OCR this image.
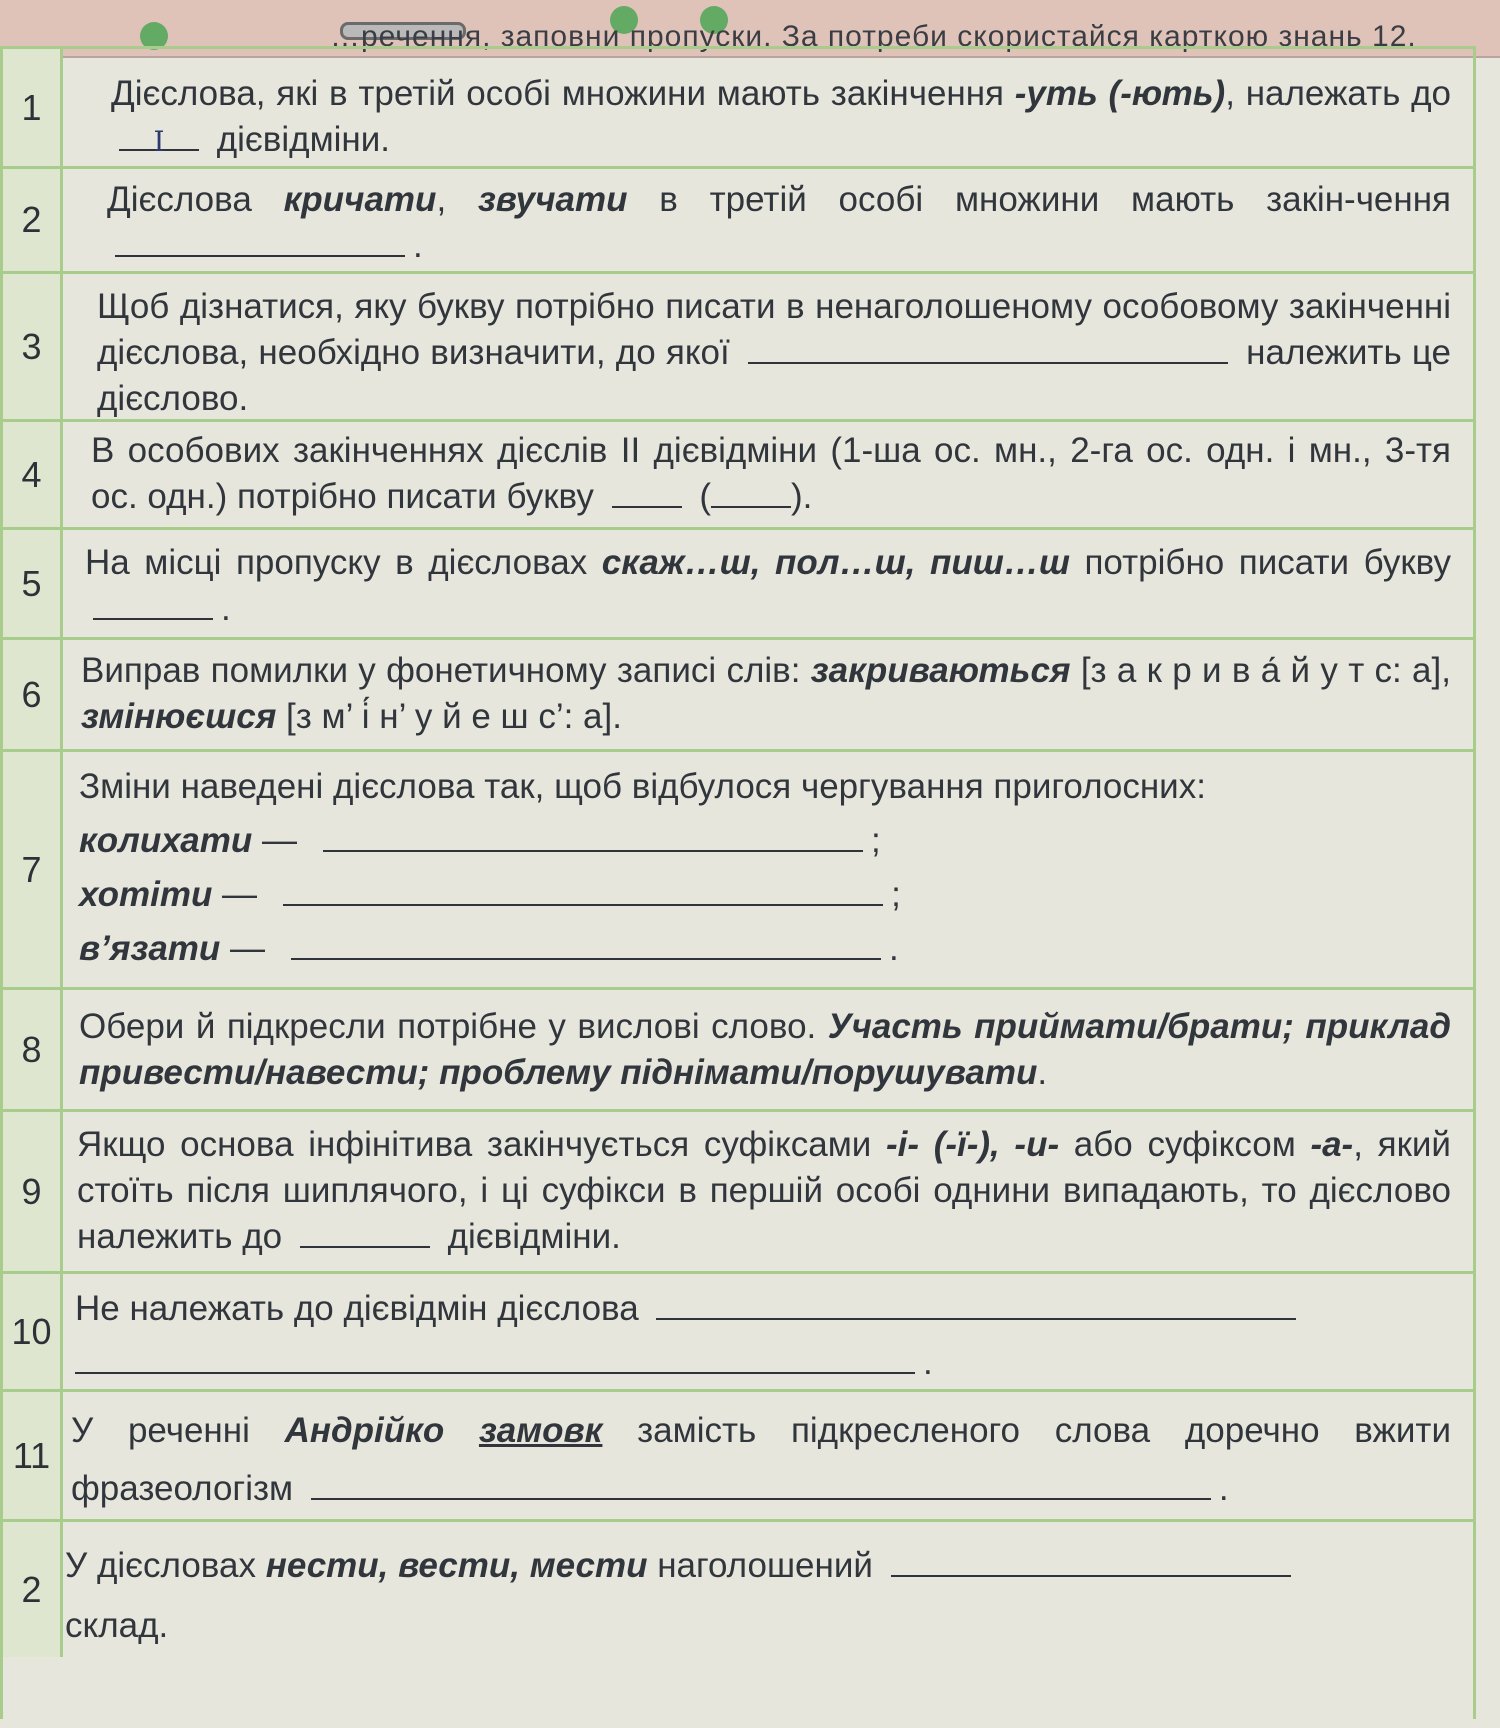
…речення, заповни пропуски. За потреби скористайся карткою знань 12.
1	Дієслова, які в третій особі множини мають закінчення -уть (-ють), належать до І дієвідміни.
2	Дієслова кричати, звучати в третій особі множини мають закін-чення .
3
Щоб дізнатися, яку букву потрібно писати в ненаголошеному особовому закінченні дієслова, необхідно визначити, до якої	належить це дієслово.
4
В особових закінченнях дієслів ІІ дієвідміни (1-ша ос. мн., 2-га ос. одн. і мн., 3-тя ос. одн.) потрібно писати букву  ( ).
5	На місці пропуску в дієсловах скаж…ш, пол…ш, пиш…ш потрібно писати букву .
6
Виправ помилки у фонетичному записі слів: закриваються [з а к р и в а́ й у т с: а], змінюєшся [з м’ і́ н’ у й е ш с’: а].
7
Зміни наведені дієслова так, щоб відбулося чергування приголосних:
колихати —	;
хотіти —	;
в’язати —	.
8
Обери й підкресли потрібне у вислові слово. Участь приймати/брати; приклад привести/навести; проблему піднімати/порушувати.
9
Якщо основа інфінітива закінчується суфіксами -і- (-ї-), -и- або суфіксом -а-, який стоїть після шиплячого, і ці суфікси в першій особі однини випадають, то дієслово належить до	дієвідміни.
10
Не належать до дієвідмін дієслова
.
11
У реченні Андрійко замовк замість підкресленого слова доречно вжити фразеологізм	.
2
У дієсловах нести, вести, мести наголошений
склад.
